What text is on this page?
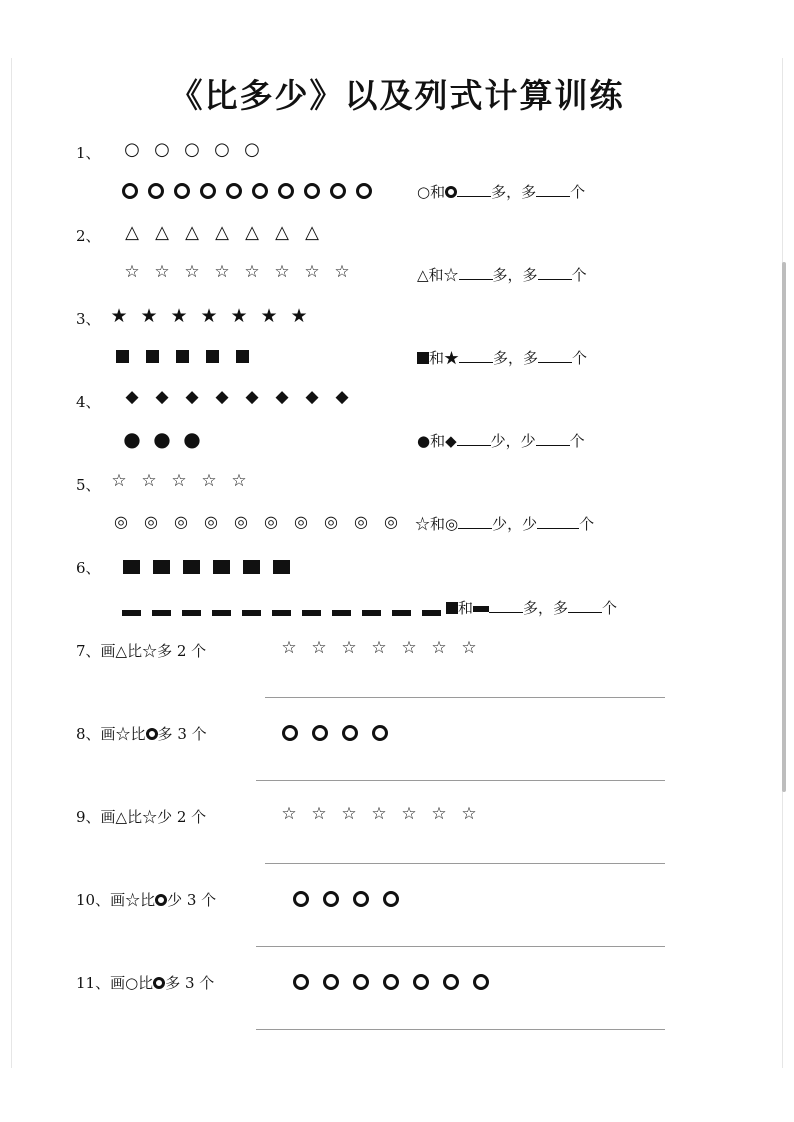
《比多少》以及列式计算训练
1、	○ ○ ○ ○ ○
○和	多，多 个
2、	△ △ △ △ △ △ △
☆ ☆ ☆ ☆ ☆ ☆ ☆ ☆	△和☆ 多，多 个
3、 ★ ★ ★ ★ ★ ★ ★
和★ 多，多 个
4、	◆ ◆ ◆ ◆ ◆ ◆ ◆ ◆
● ● ●	●和◆ 少，少 个
5、 ☆ ☆ ☆ ☆ ☆
◎ ◎ ◎ ◎ ◎ ◎ ◎ ◎ ◎ ◎	☆和◎ 少，少	个
6、
和	多，多 个
7、画△比☆多 2 个	☆ ☆ ☆ ☆ ☆ ☆ ☆
8、画☆比 多 3 个
9、画△比☆少 2 个	☆ ☆ ☆ ☆ ☆ ☆ ☆
10、画☆比 少 3 个
11、画○比 多 3 个
